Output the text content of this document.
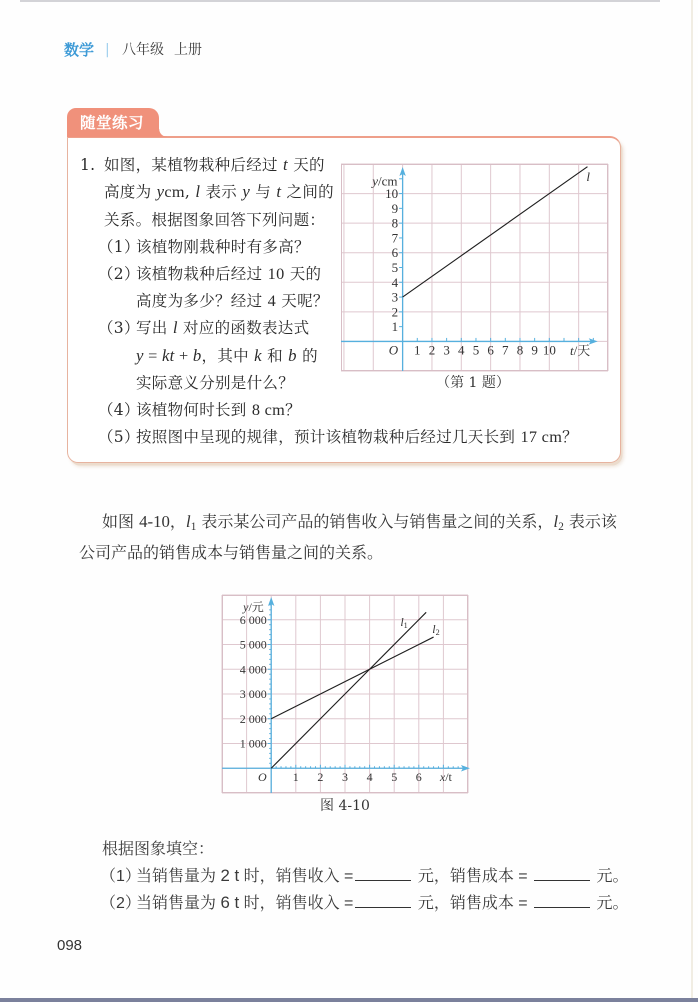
数学 | 八年级 上册
随堂练习
1. 如图，某植物栽种后经过 t 天的
高度为 ycm, l 表示 y 与 t 之间的
关系。根据图象回答下列问题：
（1）该植物刚栽种时有多高？
（2）该植物栽种后经过 10 天的
高度为多少？经过 4 天呢？
（3）写出 l 对应的函数表达式
y = kt + b，其中 k 和 b 的
实际意义分别是什么？
（4）该植物何时长到 8 cm？
（5）按照图中呈现的规律，预计该植物栽种后经过几天长到 17 cm？
1 2 3 4 5 6 7 8 9 10
1
2
3
4
5
6
7
8
9
10
O	t/天
y/cm	l
（第 1 题）
如图 4-10，$l_1$ 表示某公司产品的销售收入与销售量之间的关系，$l_2$ 表示该
公司产品的销售成本与销售量之间的关系。
1 2 3 4 5 6
1 000
2 000
3 000
4 000
5 000
6 000
O	x/t
y/元
$l_1$ $l_2$
图 4-10
根据图象填空：
（1）当销售量为 2 t 时，销售收入 =	元，销售成本 =	元。
（2）当销售量为 6 t 时，销售收入 =	元，销售成本 =	元。
098
